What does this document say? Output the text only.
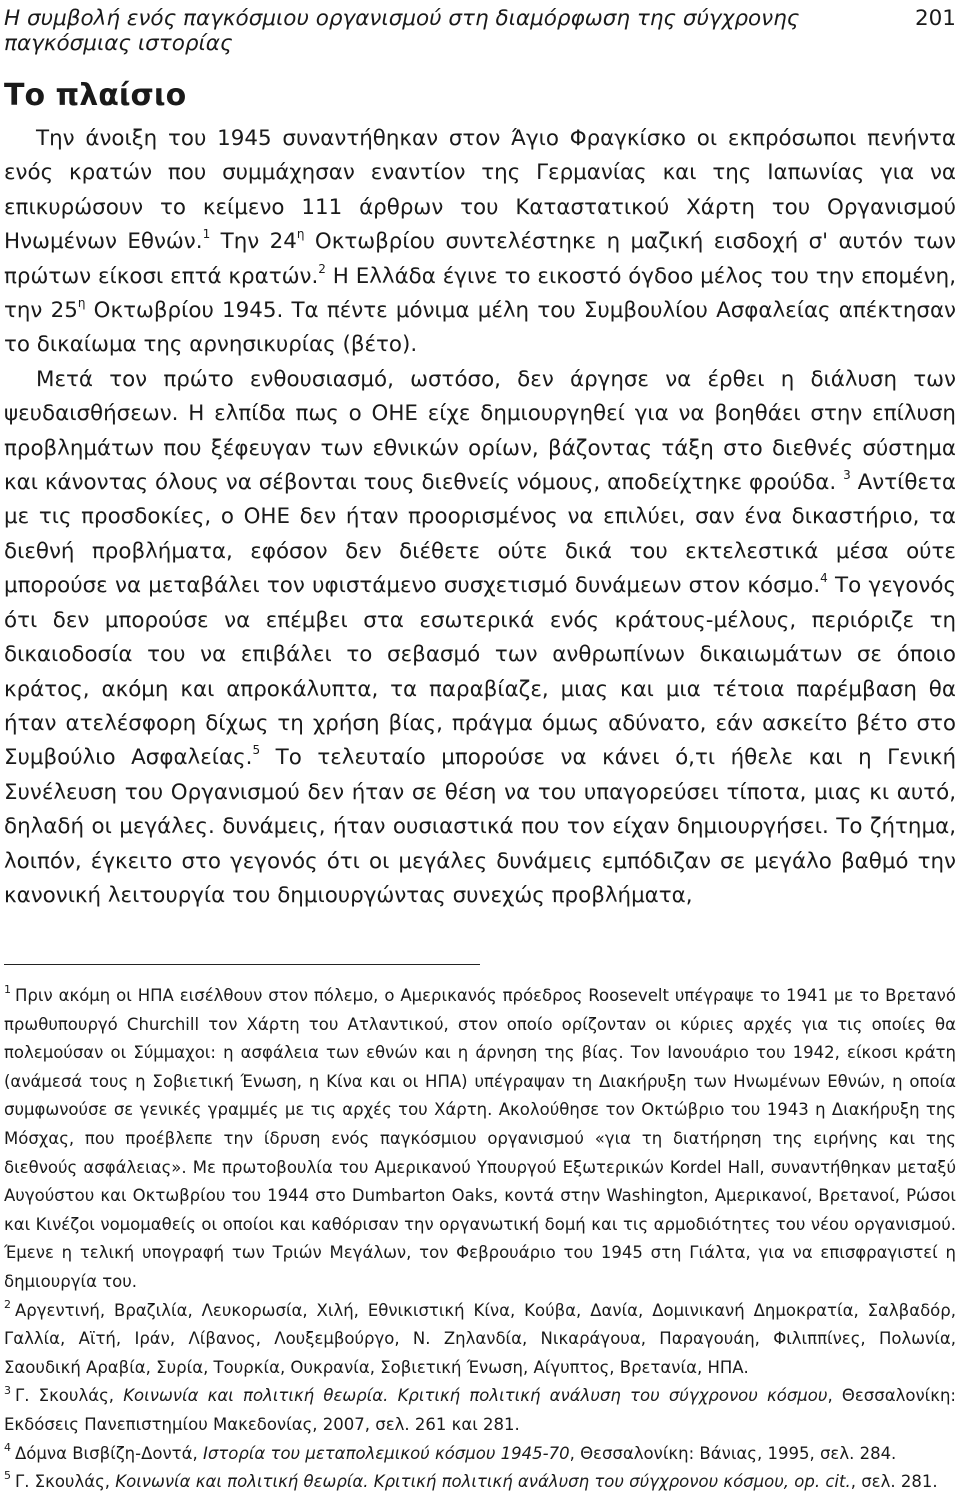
Η συμβολή ενός παγκόσμιου οργανισμού στη διαμόρφωση της σύγχρονης παγκόσμιας ιστορίας
201
Το πλαίσιο

Την άνοιξη του 1945 συναντήθηκαν στον Άγιο Φραγκίσκο οι εκπρόσωποι πενήντα ενός κρατών που συμμάχησαν εναντίον της Γερμανίας και της Ιαπωνίας για να επικυρώσουν το κείμενο 111 άρθρων του Καταστατικού Χάρτη του Οργανισμού Ηνωμένων Εθνών.$^1$ Την $24^\eta$ Οκτωβρίου συντελέστηκε η μαζική εισδοχή σ' αυτόν των πρώτων είκοσι επτά κρατών.$^2$ Η Ελλάδα έγινε το εικοστό όγδοο μέλος του την επομένη, την $25^\eta$ Οκτωβρίου 1945. Τα πέντε μόνιμα μέλη του Συμβουλίου Ασφαλείας απέκτησαν το δικαίωμα της αρνησικυρίας (βέτο).

Μετά τον πρώτο ενθουσιασμό, ωστόσο, δεν άργησε να έρθει η διάλυση των ψευδαισθήσεων. Η ελπίδα πως ο ΟΗΕ είχε δημιουργηθεί για να βοηθάει στην επίλυση προβλημάτων που ξέφευγαν των εθνικών ορίων, βάζοντας τάξη στο διεθνές σύστημα και κάνοντας όλους να σέβονται τους διεθνείς νόμους, αποδείχτηκε φρούδα. $^3$ Αντίθετα με τις προσδοκίες, ο ΟΗΕ δεν ήταν προορισμένος να επιλύει, σαν ένα δικαστήριο, τα διεθνή προβλήματα, εφόσον δεν διέθετε ούτε δικά του εκτελεστικά μέσα ούτε μπορούσε να μεταβάλει τον υφιστάμενο συσχετισμό δυνάμεων στον κόσμο.$^4$ Το γεγονός ότι δεν μπορούσε να επέμβει στα εσωτερικά ενός κράτους-μέλους, περιόριζε τη δικαιοδοσία του να επιβάλει το σεβασμό των ανθρωπίνων δικαιωμάτων σε όποιο κράτος, ακόμη και απροκάλυπτα, τα παραβίαζε, μιας και μια τέτοια παρέμβαση θα ήταν ατελέσφορη δίχως τη χρήση βίας, πράγμα όμως αδύνατο, εάν ασκείτο βέτο στο Συμβούλιο Ασφαλείας.$^5$ Το τελευταίο μπορούσε να κάνει ό,τι ήθελε και η Γενική Συνέλευση του Οργανισμού δεν ήταν σε θέση να του υπαγορεύσει τίποτα, μιας κι αυτό, δηλαδή οι μεγάλες. δυνάμεις, ήταν ουσιαστικά που τον είχαν δημιουργήσει. Το ζήτημα, λοιπόν, έγκειτο στο γεγονός ότι οι μεγάλες δυνάμεις εμπόδιζαν σε μεγάλο βαθμό την κανονική λειτουργία του δημιουργώντας συνεχώς προβλήματα,

$^1$ Πριν ακόμη οι ΗΠΑ εισέλθουν στον πόλεμο, ο Αμερικανός πρόεδρος Roosevelt υπέγραψε το 1941 με το Βρετανό πρωθυπουργό Churchill τον Χάρτη του Ατλαντικού, στον οποίο ορίζονταν οι κύριες αρχές για τις οποίες θα πολεμούσαν οι Σύμμαχοι: η ασφάλεια των εθνών και η άρνηση της βίας. Τον Ιανουάριο του 1942, είκοσι κράτη (ανάμεσά τους η Σοβιετική Ένωση, η Κίνα και οι ΗΠΑ) υπέγραψαν τη Διακήρυξη των Ηνωμένων Εθνών, η οποία συμφωνούσε σε γενικές γραμμές με τις αρχές του Χάρτη. Ακολούθησε τον Οκτώβριο του 1943 η Διακήρυξη της Μόσχας, που προέβλεπε την ίδρυση ενός παγκόσμιου οργανισμού «για τη διατήρηση της ειρήνης και της διεθνούς ασφάλειας». Με πρωτοβουλία του Αμερικανού Υπουργού Εξωτερικών Kordel Hall, συναντήθηκαν μεταξύ Αυγούστου και Οκτωβρίου του 1944 στο Dumbarton Oaks, κοντά στην Washington, Αμερικανοί, Βρετανοί, Ρώσοι και Κινέζοι νομομαθείς οι οποίοι και καθόρισαν την οργανωτική δομή και τις αρμοδιότητες του νέου οργανισμού. Έμενε η τελική υπογραφή των Τριών Μεγάλων, τον Φεβρουάριο του 1945 στη Γιάλτα, για να επισφραγιστεί η δημιουργία του.

$^2$ Αργεντινή, Βραζιλία, Λευκορωσία, Χιλή, Εθνικιστική Κίνα, Κούβα, Δανία, Δομινικανή Δημοκρατία, Σαλβαδόρ, Γαλλία, Αϊτή, Ιράν, Λίβανος, Λουξεμβούργο, Ν. Ζηλανδία, Νικαράγουα, Παραγουάη, Φιλιππίνες, Πολωνία, Σαουδική Αραβία, Συρία, Τουρκία, Ουκρανία, Σοβιετική Ένωση, Αίγυπτος, Βρετανία, ΗΠΑ.

$^3$ Γ. Σκουλάς, Κοινωνία και πολιτική θεωρία. Κριτική πολιτική ανάλυση του σύγχρονου κόσμου, Θεσσαλονίκη: Εκδόσεις Πανεπιστημίου Μακεδονίας, 2007, σελ. 261 και 281.

$^4$ Δόμνα Βισβίζη-Δοντά, Ιστορία του μεταπολεμικού κόσμου 1945-70, Θεσσαλονίκη: Βάνιας, 1995, σελ. 284.

$^5$ Γ. Σκουλάς, Κοινωνία και πολιτική θεωρία. Κριτική πολιτική ανάλυση του σύγχρονου κόσμου, op. cit., σελ. 281.
